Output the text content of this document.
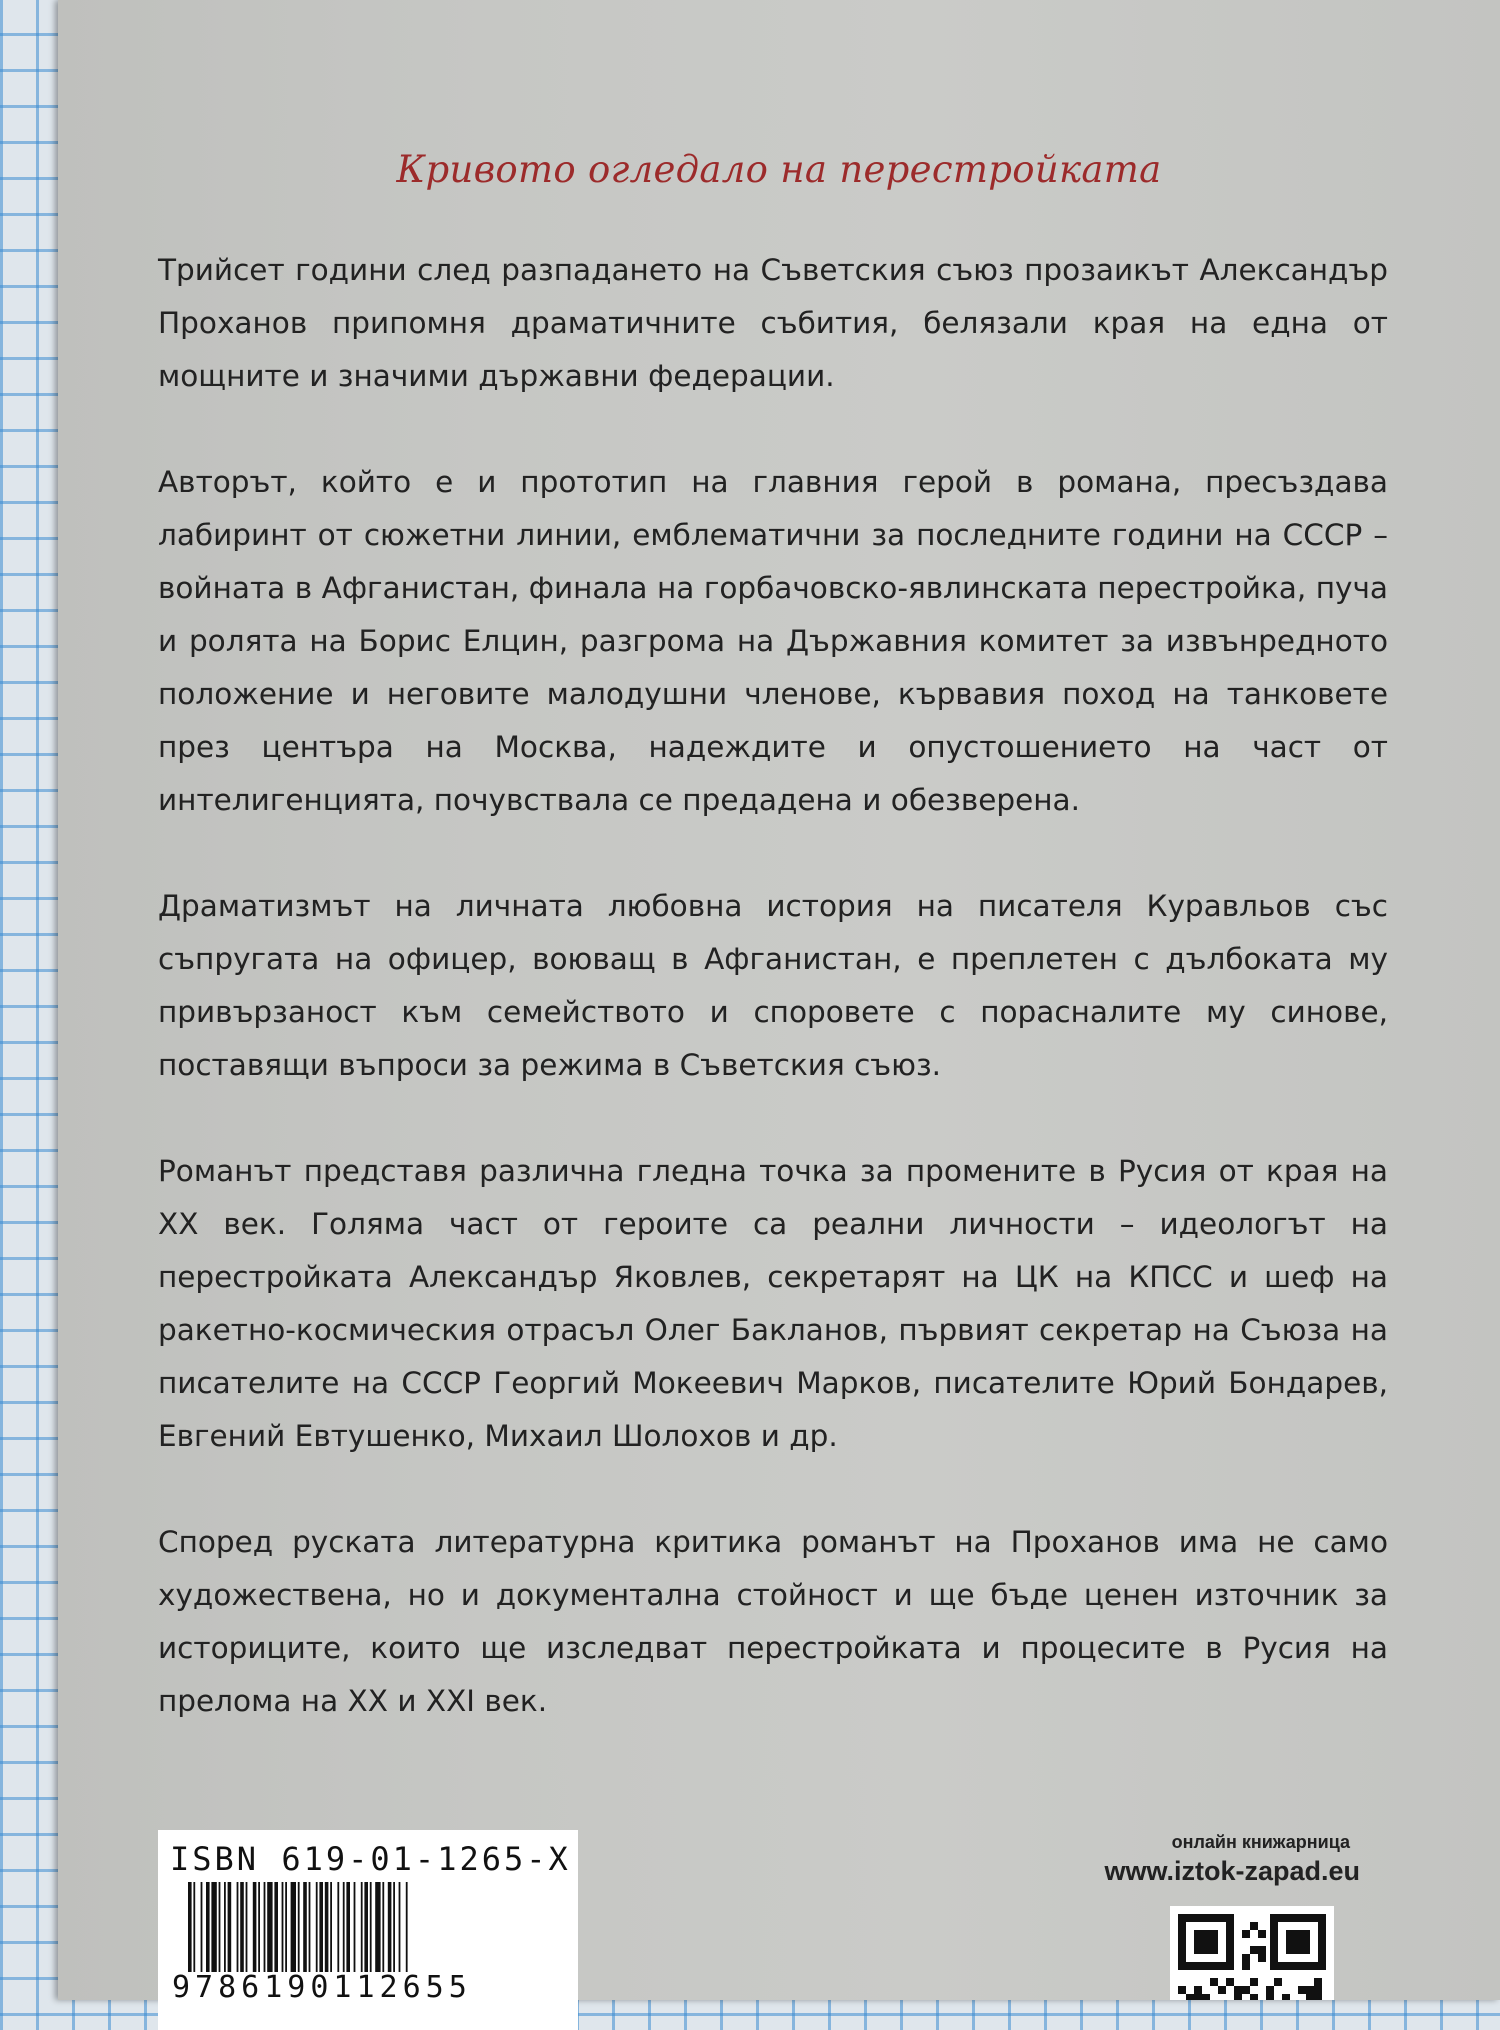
Кривото огледало на перестройката

Трийсет години след разпадането на Съветския съюз прозаикът Александър Проханов припомня драматичните събития, белязали края на една от мощните и значими държавни федерации.

Авторът, който е и прототип на главния герой в романа, пресъздава лабиринт от сюжетни линии, емблематични за последните години на СССР – войната в Афганистан, финала на горбачовско-явлинската перестройка, пуча и ролята на Борис Елцин, разгрома на Държавния комитет за извънредното положение и неговите малодушни членове, кървавия поход на танковете през центъра на Москва, надеждите и опустошението на част от интелигенцията, почувствала се предадена и обезверена.

Драматизмът на личната любовна история на писателя Куравльов със съпругата на офицер, воюващ в Афганистан, е преплетен с дълбоката му привързаност към семейството и споровете с порасналите му синове, поставящи въпроси за режима в Съветския съюз.

Романът представя различна гледна точка за промените в Русия от края на XX век. Голяма част от героите са реални личности – идеологът на перестройката Александър Яковлев, секретарят на ЦК на КПСС и шеф на ракетно-космическия отрасъл Олег Бакланов, първият секретар на Съюза на писателите на СССР Георгий Мокеевич Марков, писателите Юрий Бондарев, Евгений Евтушенко, Михаил Шолохов и др.

Според руската литературна критика романът на Проханов има не само художествена, но и документална стойност и ще бъде ценен източник за историците, които ще изследват перестройката и процесите в Русия на прелома на XX и XXI век.

ISBN 619-01-1265-X
9786190112655
онлайн книжарница
www.iztok-zapad.eu
